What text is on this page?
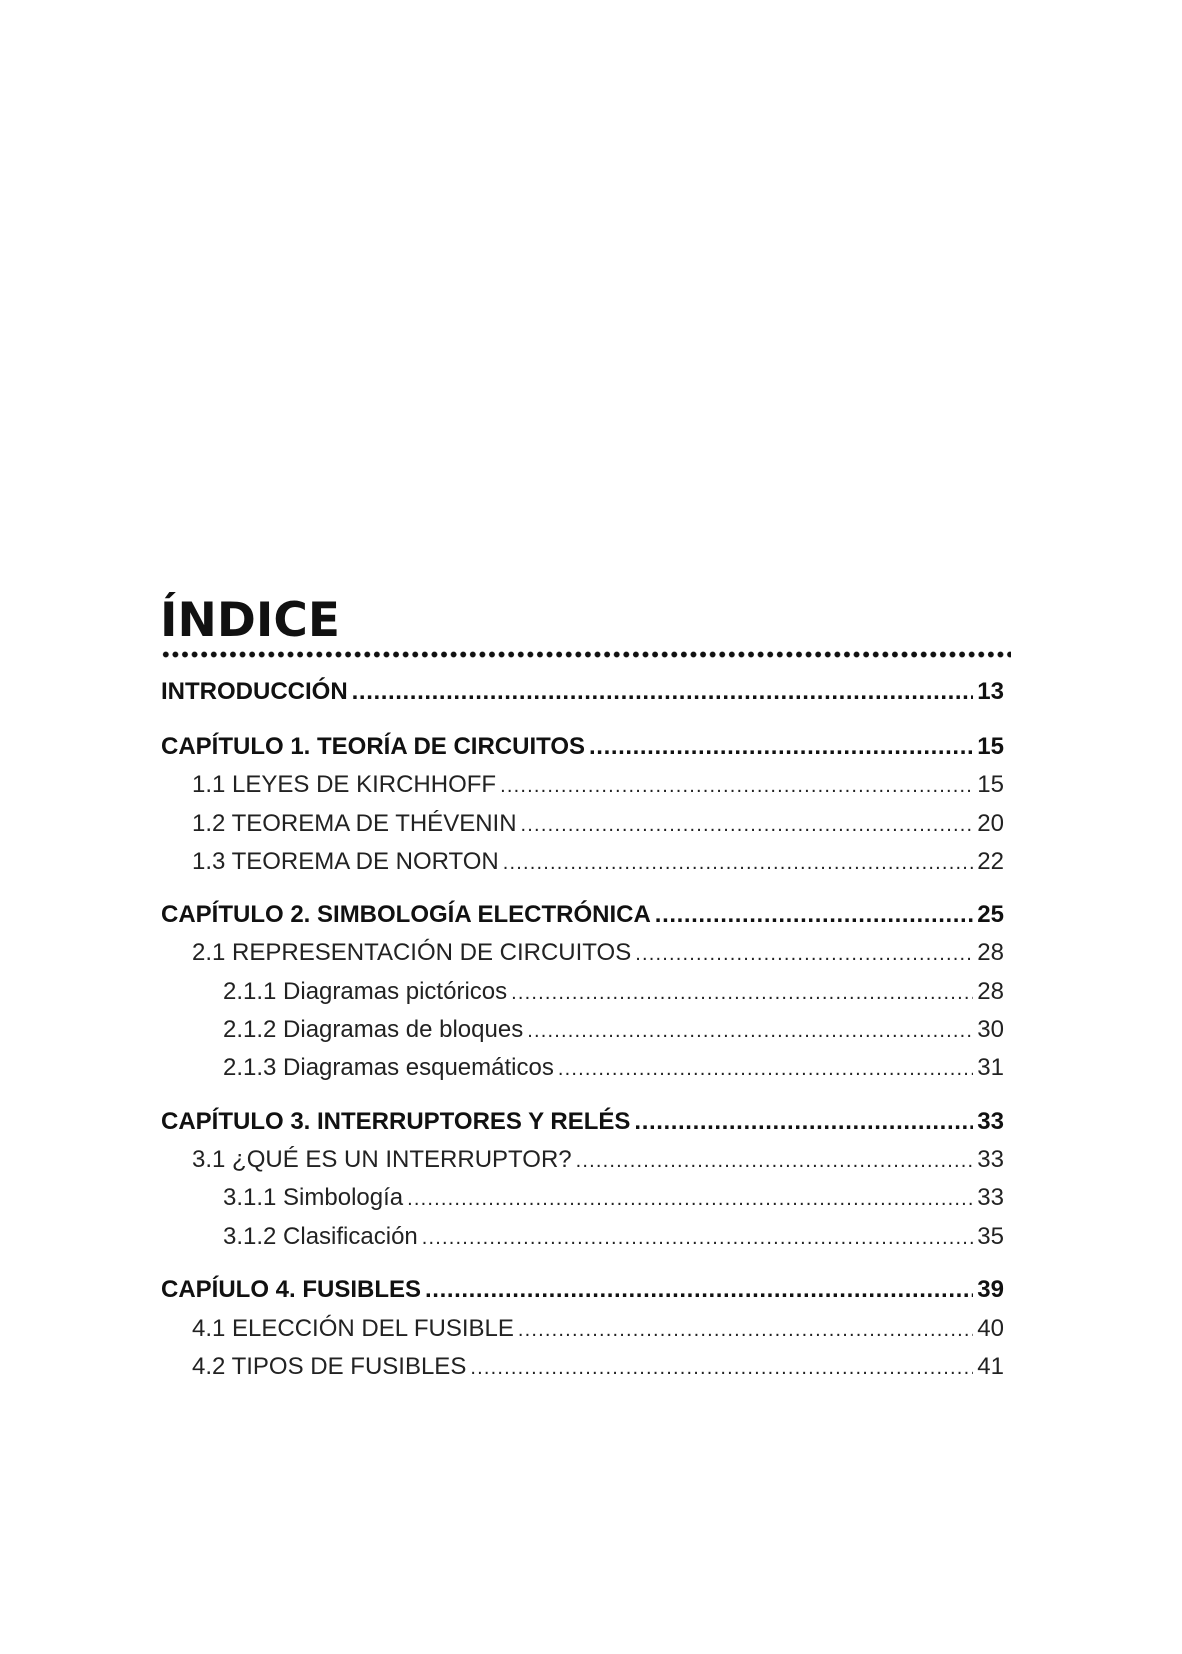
ÍNDICE
INTRODUCCIÓN .....	13
CAPÍTULO 1. TEORÍA DE CIRCUITOS .....	15
1.1 LEYES DE KIRCHHOFF .....	15
1.2 TEOREMA DE THÉVENIN .....	20
1.3 TEOREMA DE NORTON .....	22
CAPÍTULO 2. SIMBOLOGÍA ELECTRÓNICA .....	25
2.1 REPRESENTACIÓN DE CIRCUITOS .....	28
2.1.1 Diagramas pictóricos .....	28
2.1.2 Diagramas de bloques .....	30
2.1.3 Diagramas esquemáticos .....	31
CAPÍTULO 3. INTERRUPTORES Y RELÉS .....	33
3.1 ¿QUÉ ES UN INTERRUPTOR? .....	33
3.1.1 Simbología .....	33
3.1.2 Clasificación .....	35
CAPÍULO 4. FUSIBLES .....	39
4.1 ELECCIÓN DEL FUSIBLE .....	40
4.2 TIPOS DE FUSIBLES .....	41
